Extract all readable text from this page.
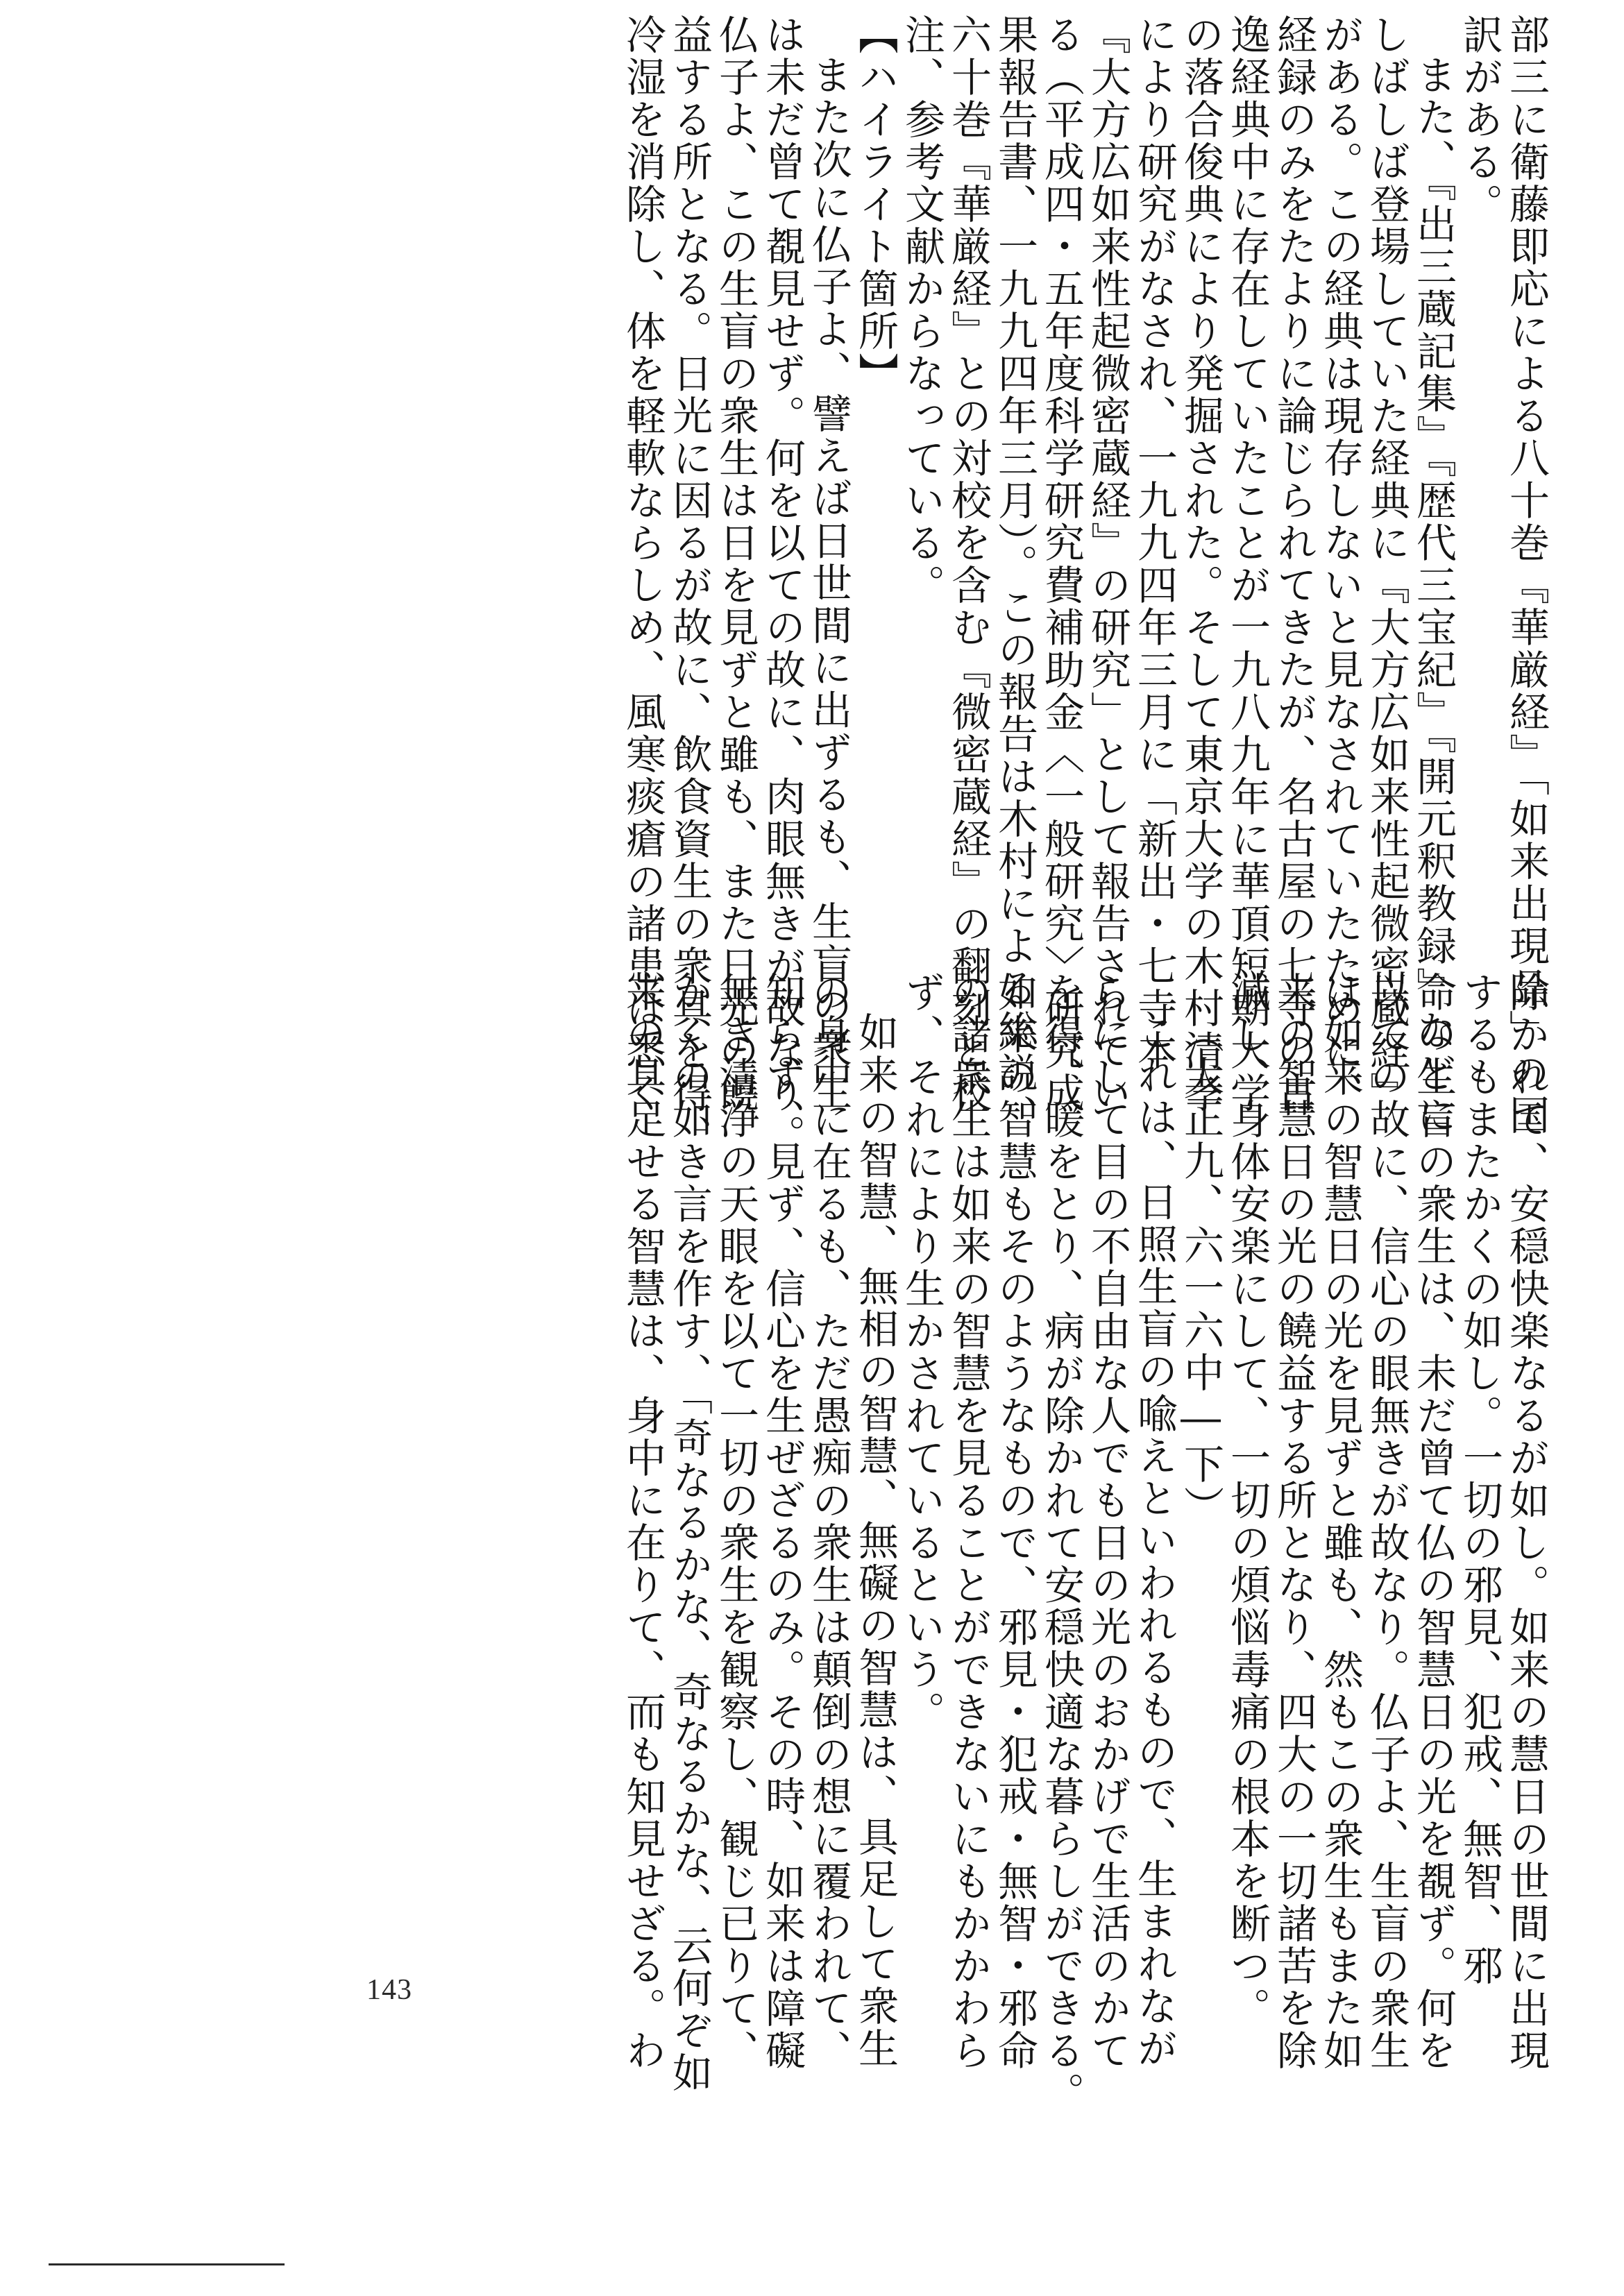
部三に衛藤即応による八十巻『華厳経』「如来出現品」の国
訳がある。
また、『出三蔵記集』『歴代三宝紀』『開元釈教録』などに
しばしば登場していた経典に『大方広如来性起微密蔵経』
がある。この経典は現存しないと見なされていたために、
経録のみをたよりに論じられてきたが、名古屋の七寺の古
逸経典中に存在していたことが一九八九年に華頂短期大学
の落合俊典により発掘された。そして東京大学の木村清孝
により研究がなされ、一九九四年三月に「新出・七寺本
『大方広如来性起微密蔵経』の研究」として報告されてい
る（平成四・五年度科学研究費補助金〈一般研究〉研究成
果報告書、一九九四年三月）。この報告は木村による総説、
六十巻『華厳経』との対校を含む『微密蔵経』の翻刻と校
注、参考文献からなっている。
【ハイライト箇所】
また次に仏子よ、譬えば日世間に出ずるも、生盲の衆生
は未だ曾て覩見せず。何を以ての故に、肉眼無きが故なり。
仏子よ、この生盲の衆生は日を見ずと雖も、また日光の饒
益する所となる。日光に因るが故に、飲食資生の衆具を得、
冷湿を消除し、体を軽軟ならしめ、風寒痰瘡の諸患は悉く
除かれて、安穏快楽なるが如し。如来の慧日の世間に出現
するもまたかくの如し。一切の邪見、犯戒、無智、邪
命の生盲の衆生は、未だ曾て仏の智慧日の光を覩ず。何を
以ての故に、信心の眼無きが故なり。仏子よ、生盲の衆生
は如来の智慧日の光を見ずと雖も、然もこの衆生もまた如
来の智慧日の光の饒益する所となり、四大の一切諸苦を除
滅し、身体安楽にして、一切の煩悩毒痛の根本を断つ。
（大正九、六一六中―下）
これは、日照生盲の喩えといわれるもので、生まれなが
らにして目の不自由な人でも日の光のおかげで生活のかて
を得、暖をとり、病が除かれて安穏快適な暮らしができる。
如来の智慧もそのようなもので、邪見・犯戒・無智・邪命
の諸衆生は如来の智慧を見ることができないにもかかわら
ず、それにより生かされているという。
如来の智慧、無相の智慧、無礙の智慧は、具足して衆生
の身中に在るも、ただ愚痴の衆生は顛倒の想に覆われて、
知らず、見ず、信心を生ぜざるのみ。その時、如来は障礙
無き清浄の天眼を以て一切の衆生を観察し、観じ已りて、
かくの如き言を作す、「奇なるかな、奇なるかな、云何ぞ如
来の具足せる智慧は、身中に在りて、而も知見せざる。わ
143
